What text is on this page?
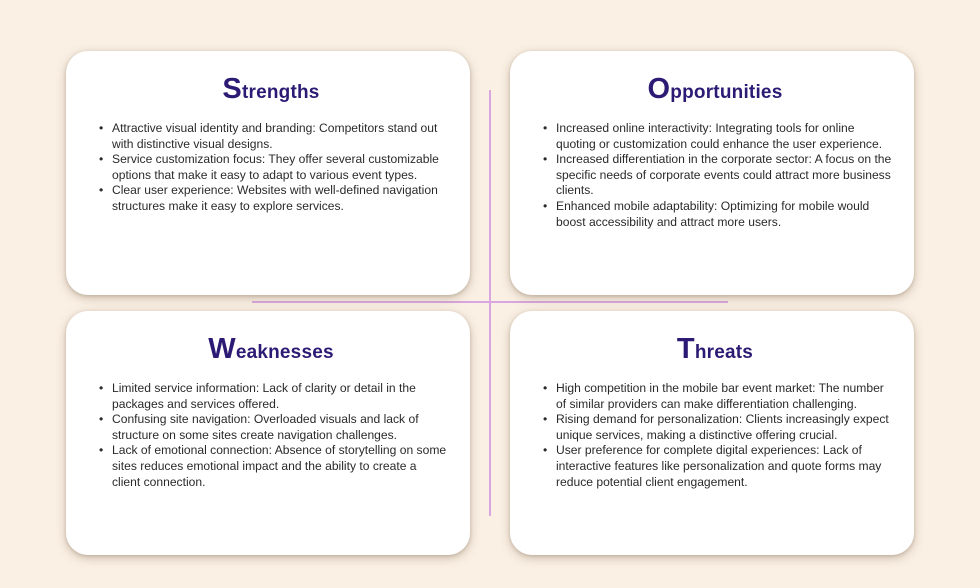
Strengths
• Attractive visual identity and branding: Competitors stand out with distinctive visual designs.
• Service customization focus: They offer several customizable options that make it easy to adapt to various event types.
• Clear user experience: Websites with well-defined navigation structures make it easy to explore services.
Opportunities
• Increased online interactivity: Integrating tools for online quoting or customization could enhance the user experience.
• Increased differentiation in the corporate sector: A focus on the specific needs of corporate events could attract more business clients.
• Enhanced mobile adaptability: Optimizing for mobile would boost accessibility and attract more users.
Weaknesses
• Limited service information: Lack of clarity or detail in the packages and services offered.
• Confusing site navigation: Overloaded visuals and lack of structure on some sites create navigation challenges.
• Lack of emotional connection: Absence of storytelling on some sites reduces emotional impact and the ability to create a client connection.
Threats
• High competition in the mobile bar event market: The number of similar providers can make differentiation challenging.
• Rising demand for personalization: Clients increasingly expect unique services, making a distinctive offering crucial.
• User preference for complete digital experiences: Lack of interactive features like personalization and quote forms may reduce potential client engagement.
